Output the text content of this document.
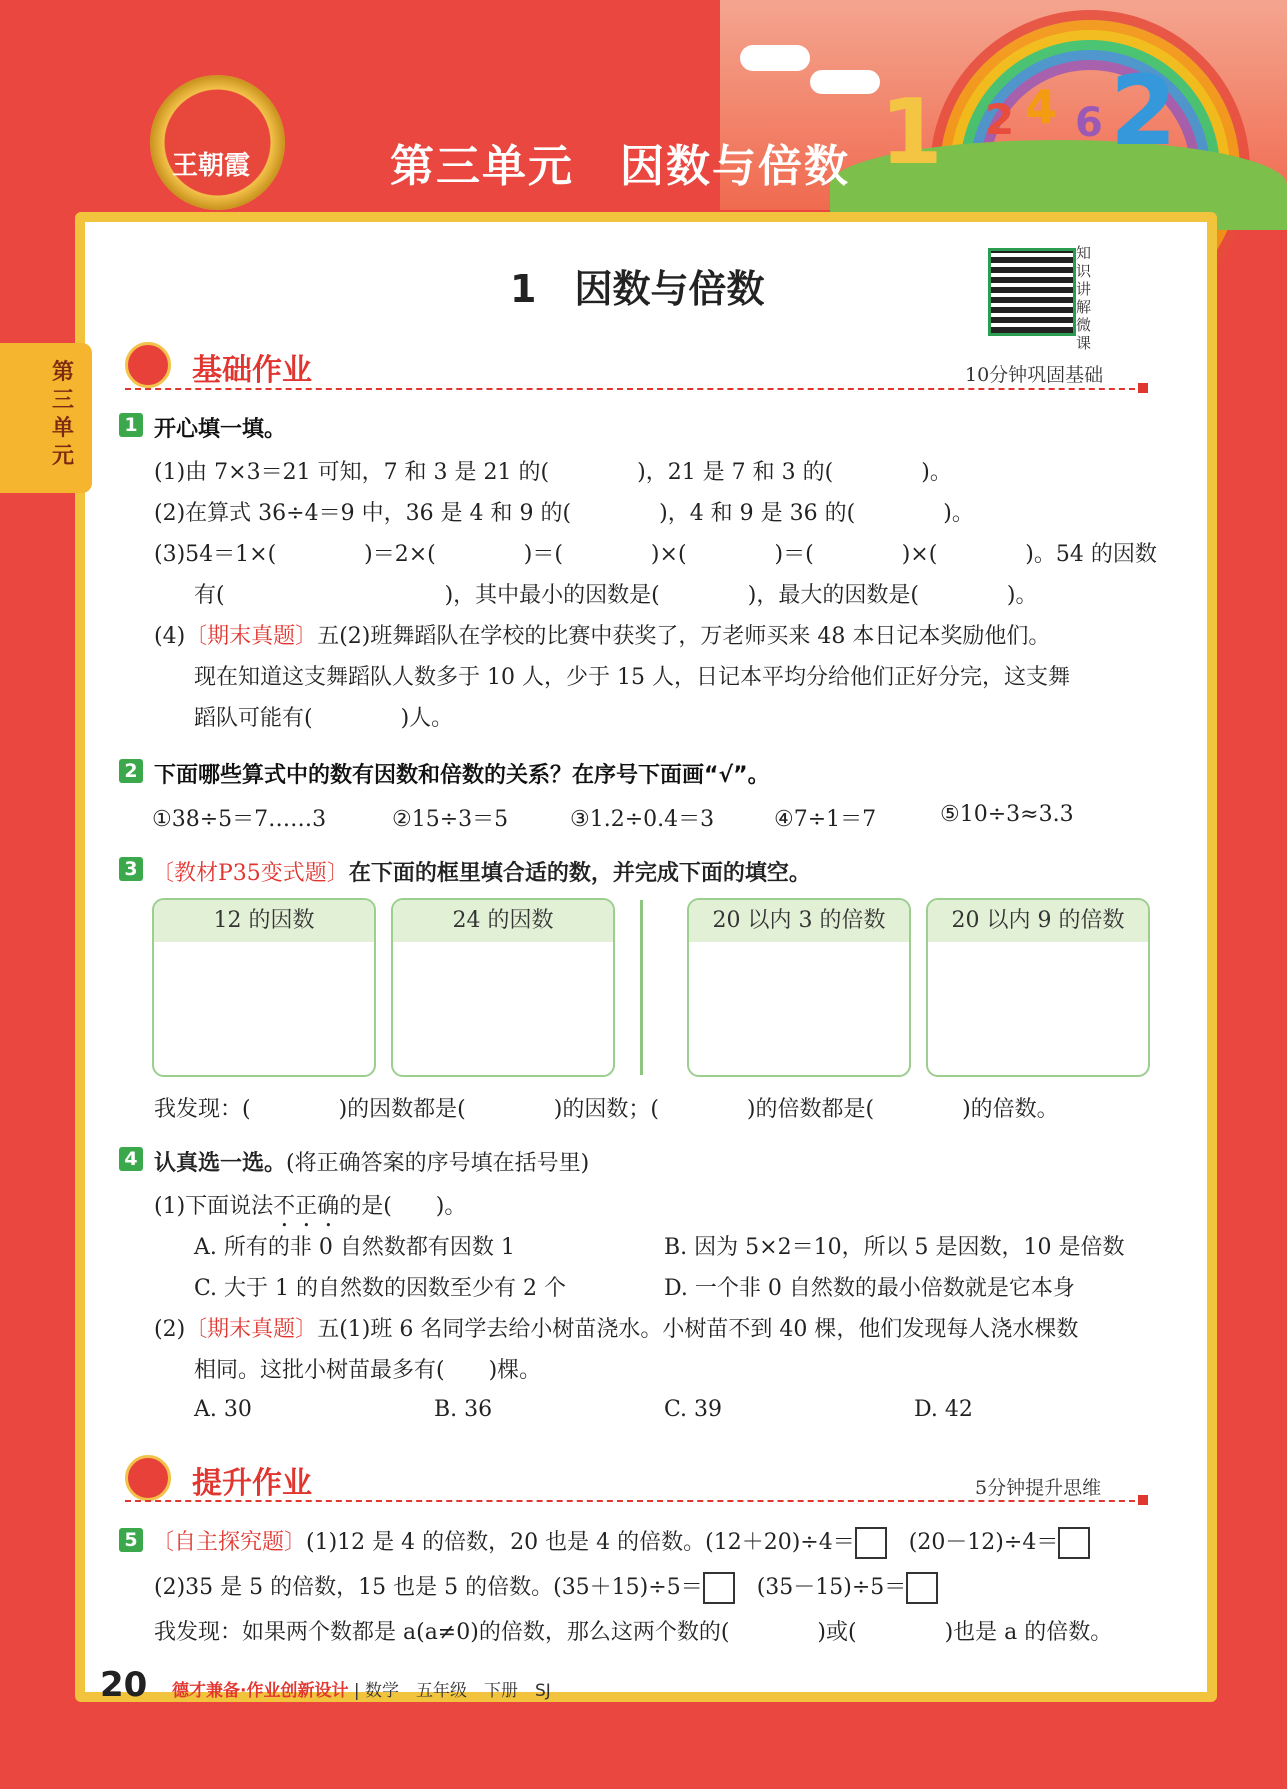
1 2 4 6 2
王朝霞	第三单元　因数与倍数
第三单元
1　因数与倍数
知识讲解微课
基础作业	10分钟巩固基础
1 开心填一填。
(1)由 7×3＝21 可知，7 和 3 是 21 的(　　　　)，21 是 7 和 3 的(　　　　)。
(2)在算式 36÷4＝9 中，36 是 4 和 9 的(　　　　)，4 和 9 是 36 的(　　　　)。
(3)54＝1×(　　　　)＝2×(　　　　)＝(　　　　)×(　　　　)＝(　　　　)×(　　　　)。54 的因数
有(　　　　　　　　　　)，其中最小的因数是(　　　　)，最大的因数是(　　　　)。
(4)〔期末真题〕五(2)班舞蹈队在学校的比赛中获奖了，万老师买来 48 本日记本奖励他们。
现在知道这支舞蹈队人数多于 10 人，少于 15 人，日记本平均分给他们正好分完，这支舞
蹈队可能有(　　　　)人。
2 下面哪些算式中的数有因数和倍数的关系？在序号下面画“√”。
①38÷5＝7……3	②15÷3＝5	③1.2÷0.4＝3	④7÷1＝7	⑤10÷3≈3.3
3 〔教材P35变式题〕在下面的框里填合适的数，并完成下面的填空。
12 的因数	24 的因数	20 以内 3 的倍数	20 以内 9 的倍数
我发现：(　　　　)的因数都是(　　　　)的因数；(　　　　)的倍数都是(　　　　)的倍数。
4 认真选一选。(将正确答案的序号填在括号里)
(1)下面说法不正确的是(　　)。
A. 所有的非 0 自然数都有因数 1	B. 因为 5×2＝10，所以 5 是因数，10 是倍数
C. 大于 1 的自然数的因数至少有 2 个	D. 一个非 0 自然数的最小倍数就是它本身
(2)〔期末真题〕五(1)班 6 名同学去给小树苗浇水。小树苗不到 40 棵，他们发现每人浇水棵数
相同。这批小树苗最多有(　　)棵。
A. 30	B. 36	C. 39	D. 42
提升作业	5分钟提升思维
5 〔自主探究题〕(1)12 是 4 的倍数，20 也是 4 的倍数。(12＋20)÷4＝　 (20－12)÷4＝
(2)35 是 5 的倍数，15 也是 5 的倍数。(35＋15)÷5＝　 (35－15)÷5＝
我发现：如果两个数都是 a(a≠0)的倍数，那么这两个数的(　　　　)或(　　　　)也是 a 的倍数。
20 德才兼备·作业创新设计 | 数学　五年级　下册　SJ
